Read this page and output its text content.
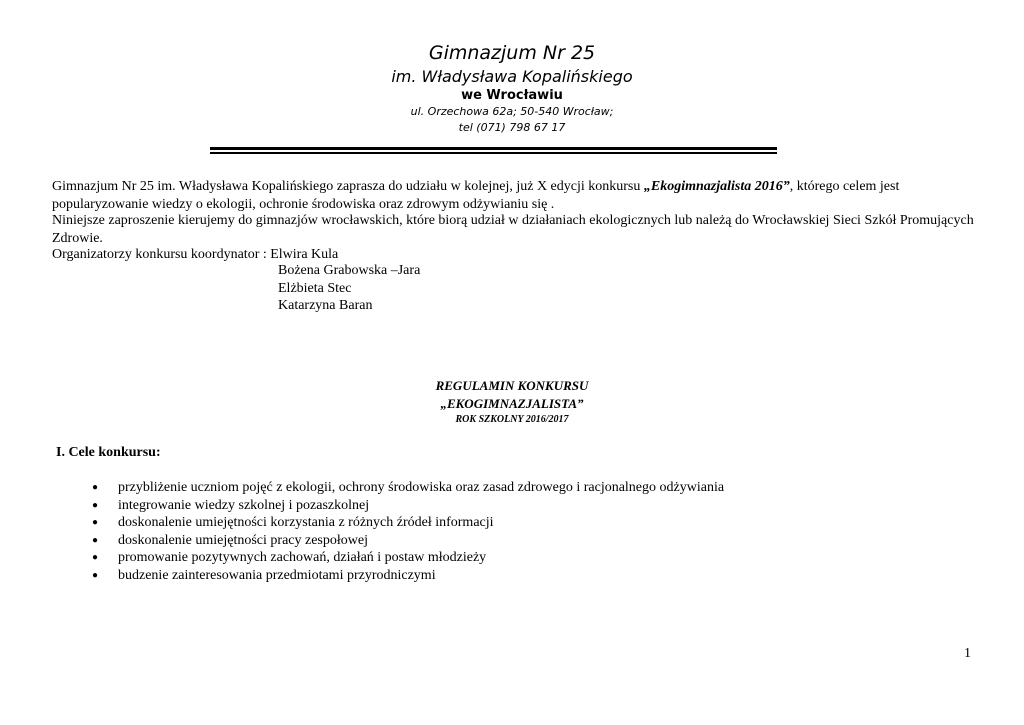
Gimnazjum Nr 25
im. Władysława Kopalińskiego
we Wrocławiu
ul. Orzechowa 62a; 50-540 Wrocław;
tel (071) 798 67 17
Gimnazjum Nr 25 im. Władysława Kopalińskiego zaprasza do udziału w kolejnej, już X edycji konkursu „Ekogimnazjalista 2016”, którego celem jest popularyzowanie wiedzy o ekologii, ochronie środowiska oraz zdrowym odżywianiu się .
Niniejsze zaproszenie kierujemy do gimnazjów wrocławskich, które biorą udział w działaniach ekologicznych lub należą do Wrocławskiej Sieci Szkół Promujących Zdrowie.
Organizatorzy konkursu koordynator : Elwira Kula
Bożena Grabowska –Jara
Elżbieta Stec
Katarzyna Baran
REGULAMIN KONKURSU
„EKOGIMNAZJALISTA”
ROK SZKOLNY 2016/2017
I. Cele konkursu:
● przybliżenie uczniom pojęć z ekologii, ochrony środowiska oraz zasad zdrowego i racjonalnego odżywiania
● integrowanie wiedzy szkolnej i pozaszkolnej
● doskonalenie umiejętności korzystania z różnych źródeł informacji
● doskonalenie umiejętności pracy zespołowej
● promowanie pozytywnych zachowań, działań i postaw młodzieży
● budzenie zainteresowania przedmiotami przyrodniczymi
1
